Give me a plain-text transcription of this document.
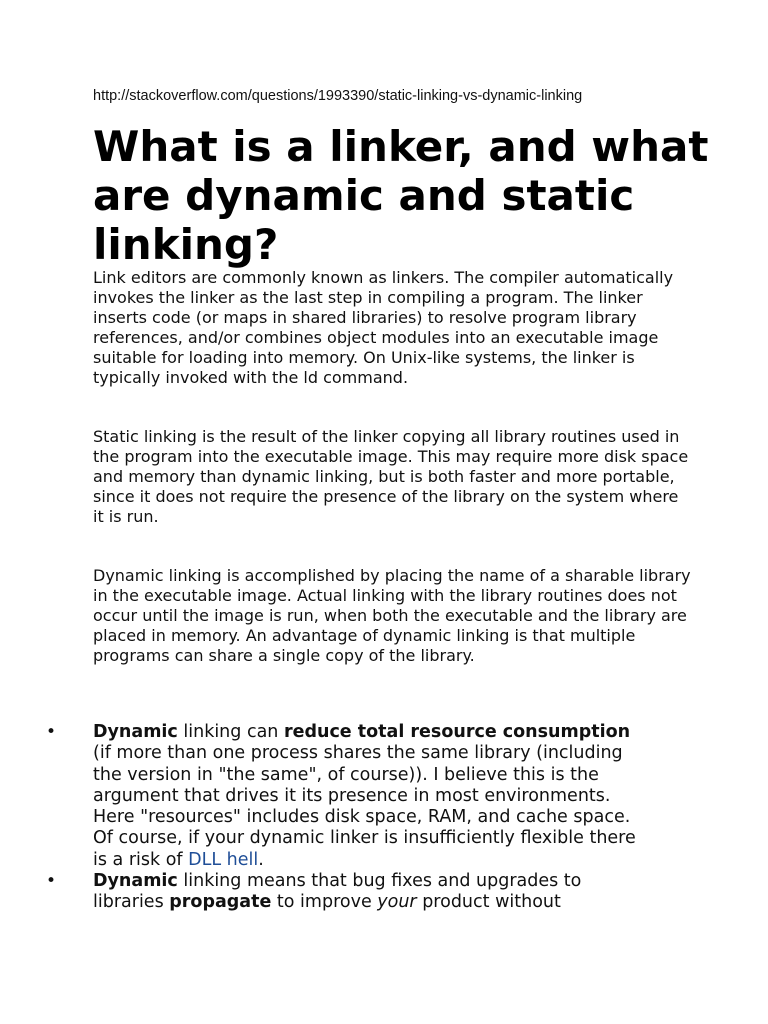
http://stackoverflow.com/questions/1993390/static-linking-vs-dynamic-linking
What is a linker, and what are dynamic and static linking?

Link editors are commonly known as linkers. The compiler automatically invokes the linker as the last step in compiling a program. The linker inserts code (or maps in shared libraries) to resolve program library references, and/or combines object modules into an executable image suitable for loading into memory. On Unix-like systems, the linker is typically invoked with the ld command.

Static linking is the result of the linker copying all library routines used in the program into the executable image. This may require more disk space and memory than dynamic linking, but is both faster and more portable, since it does not require the presence of the library on the system where it is run.

Dynamic linking is accomplished by placing the name of a sharable library in the executable image. Actual linking with the library routines does not occur until the image is run, when both the executable and the library are placed in memory. An advantage of dynamic linking is that multiple programs can share a single copy of the library.

• Dynamic linking can reduce total resource consumption (if more than one process shares the same library (including the version in "the same", of course)). I believe this is the argument that drives it its presence in most environments. Here "resources" includes disk space, RAM, and cache space. Of course, if your dynamic linker is insufficiently flexible there is a risk of DLL hell.
• Dynamic linking means that bug fixes and upgrades to libraries propagate to improve your product without
